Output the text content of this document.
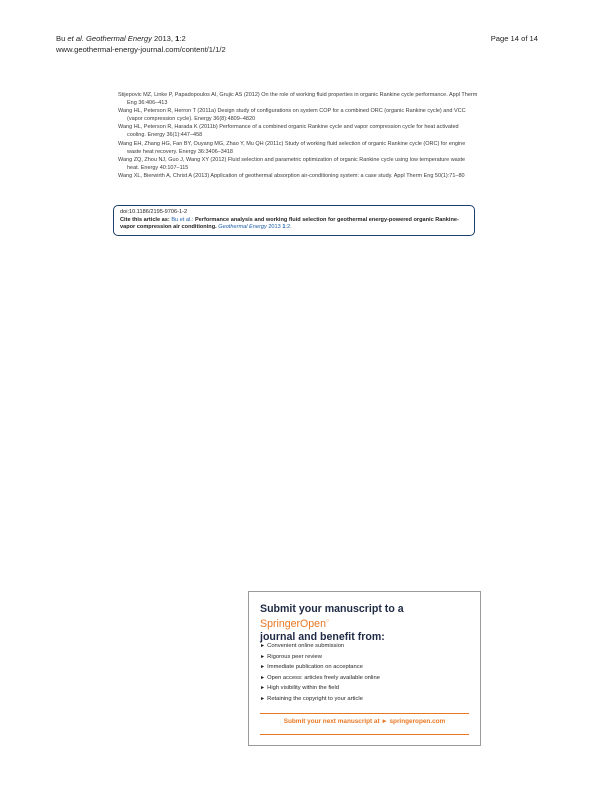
Bu et al. Geothermal Energy 2013, 1:2
www.geothermal-energy-journal.com/content/1/1/2
Page 14 of 14

Stijepovic MZ, Linke P, Papadopoulos AI, Grujic AS (2012) On the role of working fluid properties in organic Rankine cycle performance. Appl Therm Eng 36:406–413

Wang HL, Peterson R, Herron T (2011a) Design study of configurations on system COP for a combined ORC (organic Rankine cycle) and VCC (vapor compression cycle). Energy 36(8):4809–4820

Wang HL, Peterson R, Harada K (2011b) Performance of a combined organic Rankine cycle and vapor compression cycle for heat activated cooling. Energy 36(1):447–458

Wang EH, Zhang HG, Fan BY, Ouyang MG, Zhao Y, Mu QH (2011c) Study of working fluid selection of organic Rankine cycle (ORC) for engine waste heat recovery. Energy 36:3406–3418

Wang ZQ, Zhou NJ, Guo J, Wang XY (2012) Fluid selection and parametric optimization of organic Rankine cycle using low temperature waste heat. Energy 40:107–115

Wang XL, Bierwirth A, Christ A (2013) Application of geothermal absorption air-conditioning system: a case study. Appl Therm Eng 50(1):71–80

doi:10.1186/2195-9706-1-2
Cite this article as: Bu et al.: Performance analysis and working fluid selection for geothermal energy-powered organic Rankine-vapor compression air conditioning. Geothermal Energy 2013 1:2.
Submit your manuscript to a SpringerOpen○
journal and benefit from:
► Convenient online submission
► Rigorous peer review
► Immediate publication on acceptance
► Open access: articles freely available online
► High visibility within the field
► Retaining the copyright to your article
Submit your next manuscript at ► springeropen.com
